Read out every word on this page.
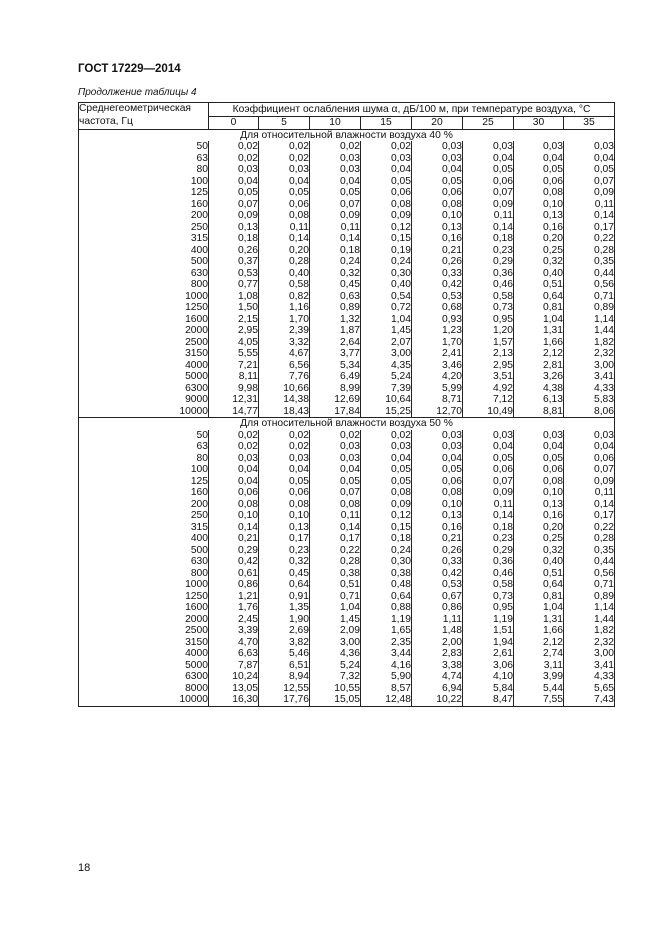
ГОСТ 17229—2014
Продолжение таблицы 4
Среднегеометрическая
частота, Гц	Коэффициент ослабления шума α, дБ/100 м, при температуре воздуха, °С							
	0	5	10	15	20	25	30	35
Для относительной влажности воздуха 40 %								
50	0,02	0,02	0,02	0,02	0,03	0,03	0,03	0,03
63	0,02	0,02	0,03	0,03	0,03	0,04	0,04	0,04
80	0,03	0,03	0,03	0,04	0,04	0,05	0,05	0,05
100	0,04	0,04	0,04	0,05	0,05	0,06	0,06	0,07
125	0,05	0,05	0,05	0,06	0,06	0,07	0,08	0,09
160	0,07	0,06	0,07	0,08	0,08	0,09	0,10	0,11
200	0,09	0,08	0,09	0,09	0,10	0,11	0,13	0,14
250	0,13	0,11	0,11	0,12	0,13	0,14	0,16	0,17
315	0,18	0,14	0,14	0,15	0,16	0,18	0,20	0,22
400	0,26	0,20	0,18	0,19	0,21	0,23	0,25	0,28
500	0,37	0,28	0,24	0,24	0,26	0,29	0,32	0,35
630	0,53	0,40	0,32	0,30	0,33	0,36	0,40	0,44
800	0,77	0,58	0,45	0,40	0,42	0,46	0,51	0,56
1000	1,08	0,82	0,63	0,54	0,53	0,58	0,64	0,71
1250	1,50	1,16	0,89	0,72	0,68	0,73	0,81	0,89
1600	2,15	1,70	1,32	1,04	0,93	0,95	1,04	1,14
2000	2,95	2,39	1,87	1,45	1,23	1,20	1,31	1,44
2500	4,05	3,32	2,64	2,07	1,70	1,57	1,66	1,82
3150	5,55	4,67	3,77	3,00	2,41	2,13	2,12	2,32
4000	7,21	6,56	5,34	4,35	3,46	2,95	2,81	3,00
5000	8,11	7,76	6,49	5,24	4,20	3,51	3,26	3,41
6300	9,98	10,66	8,99	7,39	5,99	4,92	4,38	4,33
9000	12,31	14,38	12,69	10,64	8,71	7,12	6,13	5,83
10000	14,77	18,43	17,84	15,25	12,70	10,49	8,81	8,06
Для относительной влажности воздуха 50 %								
50	0,02	0,02	0,02	0,02	0,03	0,03	0,03	0,03
63	0,02	0,02	0,03	0,03	0,03	0,04	0,04	0,04
80	0,03	0,03	0,03	0,04	0,04	0,05	0,05	0,06
100	0,04	0,04	0,04	0,05	0,05	0,06	0,06	0,07
125	0,04	0,05	0,05	0,05	0,06	0,07	0,08	0,09
160	0,06	0,06	0,07	0,08	0,08	0,09	0,10	0,11
200	0,08	0,08	0,08	0,09	0,10	0,11	0,13	0,14
250	0,10	0,10	0,11	0,12	0,13	0,14	0,16	0,17
315	0,14	0,13	0,14	0,15	0,16	0,18	0,20	0,22
400	0,21	0,17	0,17	0,18	0,21	0,23	0,25	0,28
500	0,29	0,23	0,22	0,24	0,26	0,29	0,32	0,35
630	0,42	0,32	0,28	0,30	0,33	0,36	0,40	0,44
800	0,61	0,45	0,38	0,38	0,42	0,46	0,51	0,56
1000	0,86	0,64	0,51	0,48	0,53	0,58	0,64	0,71
1250	1,21	0,91	0,71	0,64	0,67	0,73	0,81	0,89
1600	1,76	1,35	1,04	0,88	0,86	0,95	1,04	1,14
2000	2,45	1,90	1,45	1,19	1,11	1,19	1,31	1,44
2500	3,39	2,69	2,09	1,65	1,48	1,51	1,66	1,82
3150	4,70	3,82	3,00	2,35	2,00	1,94	2,12	2,32
4000	6,63	5,46	4,36	3,44	2,83	2,61	2,74	3,00
5000	7,87	6,51	5,24	4,16	3,38	3,06	3,11	3,41
6300	10,24	8,94	7,32	5,90	4,74	4,10	3,99	4,33
8000	13,05	12,55	10,55	8,57	6,94	5,84	5,44	5,65
10000	16,30	17,76	15,05	12,48	10,22	8,47	7,55	7,43
18
